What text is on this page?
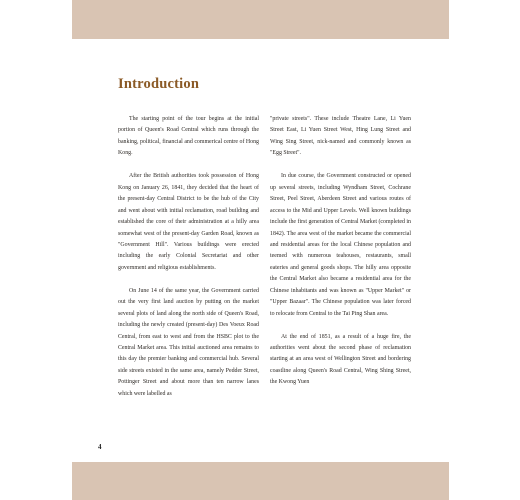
Introduction

The starting point of the tour begins at the initial portion of Queen's Road Central which runs through the banking, political, financial and commerical centre of Hong Kong.

After the British authorities took possession of Hong Kong on January 26, 1841, they decided that the heart of the present-day Central District to be the hub of the City and went about with initial reclamation, road building and established the core of their administration at a hilly area somewhat west of the present-day Garden Road, known as "Government Hill". Various buildings were erected including the early Colonial Secretariat and other government and religious establishments.

On June 14 of the same year, the Government carried out the very first land auction by putting on the market several plots of land along the north side of Queen's Road, including the newly created (present-day) Des Voeux Road Central, from east to west and from the HSBC plot to the Central Market area. This initial auctioned area remains to this day the premier banking and commercial hub. Several side streets existed in the same area, namely Pedder Street, Pottinger Street and about more than ten narrow lanes which were labelled as

"private streets". These include Theatre Lane, Li Yuen Street East, Li Yuen Street West, Hing Lung Street and Wing Sing Street, nick-named and commonly known as "Egg Street".

In due course, the Government constructed or opened up several streets, including Wyndham Street, Cochrane Street, Peel Street, Aberdeen Street and various routes of access to the Mid and Upper Levels. Well known buildings include the first generation of Central Market (completed in 1842). The area west of the market became the commercial and residential areas for the local Chinese population and teemed with numerous teahouses, restaurants, small eateries and general goods shops. The hilly area opposite the Central Market also became a residential area for the Chinese inhabitants and was known as "Upper Market" or "Upper Bazaar". The Chinese population was later forced to relocate from Central to the Tai Ping Shan area.

At the end of 1851, as a result of a huge fire, the authorities went about the second phase of reclamation starting at an area west of Wellington Street and bordering coastline along Queen's Road Central, Wing Shing Street, the Kwong Yuen

4
